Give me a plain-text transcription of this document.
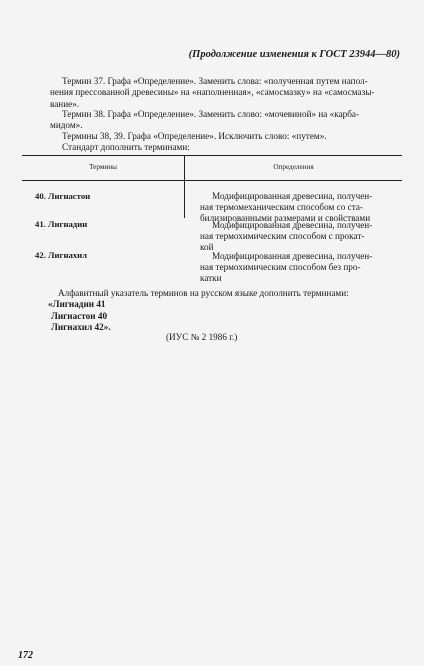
(Продолжение изменения к ГОСТ 23944—80)
Термин 37. Графа «Определение». Заменить слова: «полученная путем напол-
нения прессованной древесины» на «наполненная», «самосмазку» на «самосмазы-
вание».
Термин 38. Графа «Определение». Заменить слово: «мочевиной» на «карба-
мидом».
Термины 38, 39. Графа «Определение». Исключить слово: «путем».
Стандарт дополнить терминами:
Термины	Определения
40. Лигнастон	Модифицированная древесина, получен-
ная термомеханическим способом со ста-
билизированными размерами и свойствами
41. Лигнадин	Модифицированная древесина, получен-
ная термохимическим способом с прокат-
кой
42. Лигнахил	Модифицированная древесина, получен-
ная термохимическим способом без про-
катки
Алфавитный указатель терминов на русском языке дополнить терминами:
«Лигнадин 41
Лигнастон 40
Лигнахил 42».
(ИУС № 2 1986 г.)
172
